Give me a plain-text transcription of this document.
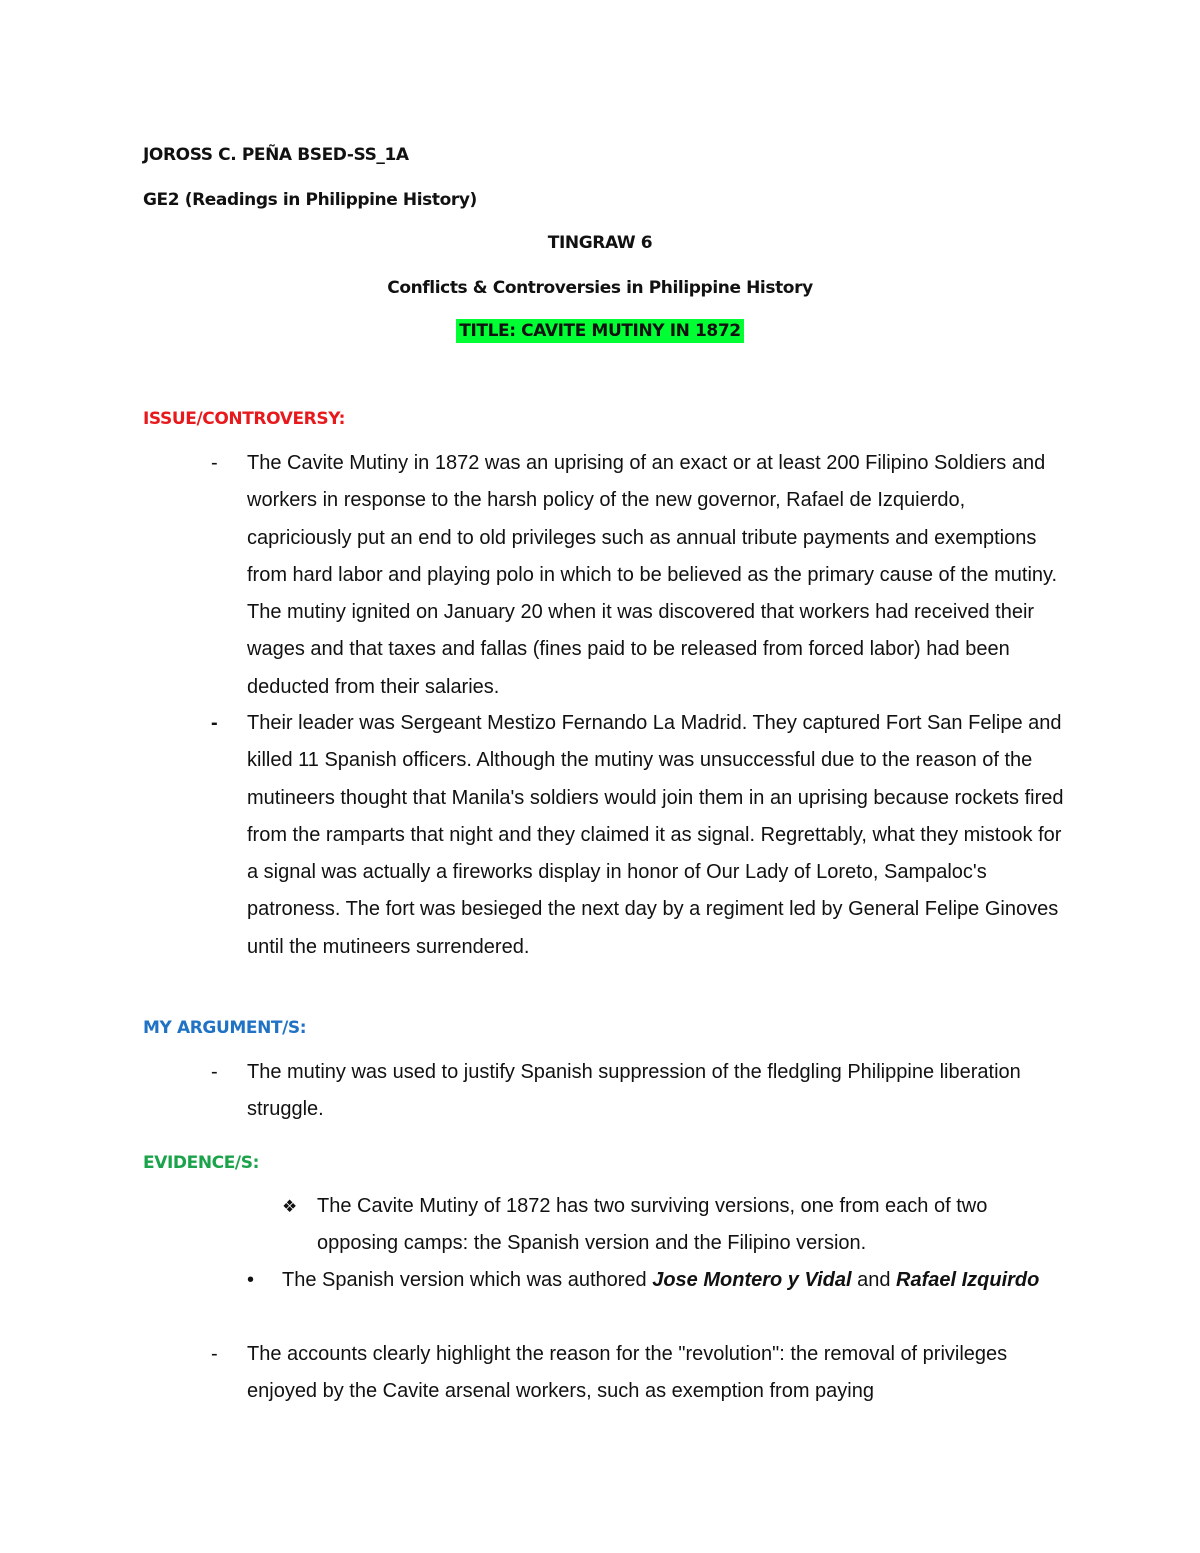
JOROSS C. PEÑA BSED-SS_1A
GE2 (Readings in Philippine History)
TINGRAW 6
Conflicts & Controversies in Philippine History
TITLE: CAVITE MUTINY IN 1872
ISSUE/CONTROVERSY:
- The Cavite Mutiny in 1872 was an uprising of an exact or at least 200 Filipino Soldiers and workers in response to the harsh policy of the new governor, Rafael de Izquierdo, capriciously put an end to old privileges such as annual tribute payments and exemptions from hard labor and playing polo in which to be believed as the primary cause of the mutiny. The mutiny ignited on January 20 when it was discovered that workers had received their wages and that taxes and fallas (fines paid to be released from forced labor) had been deducted from their salaries.
- Their leader was Sergeant Mestizo Fernando La Madrid. They captured Fort San Felipe and killed 11 Spanish officers. Although the mutiny was unsuccessful due to the reason of the mutineers thought that Manila's soldiers would join them in an uprising because rockets fired from the ramparts that night and they claimed it as signal. Regrettably, what they mistook for a signal was actually a fireworks display in honor of Our Lady of Loreto, Sampaloc's patroness. The fort was besieged the next day by a regiment led by General Felipe Ginoves until the mutineers surrendered.
MY ARGUMENT/S:
- The mutiny was used to justify Spanish suppression of the fledgling Philippine liberation struggle.
EVIDENCE/S:
❖ The Cavite Mutiny of 1872 has two surviving versions, one from each of two opposing camps: the Spanish version and the Filipino version.
• The Spanish version which was authored Jose Montero y Vidal and Rafael Izquirdo
- The accounts clearly highlight the reason for the "revolution": the removal of privileges enjoyed by the Cavite arsenal workers, such as exemption from paying
